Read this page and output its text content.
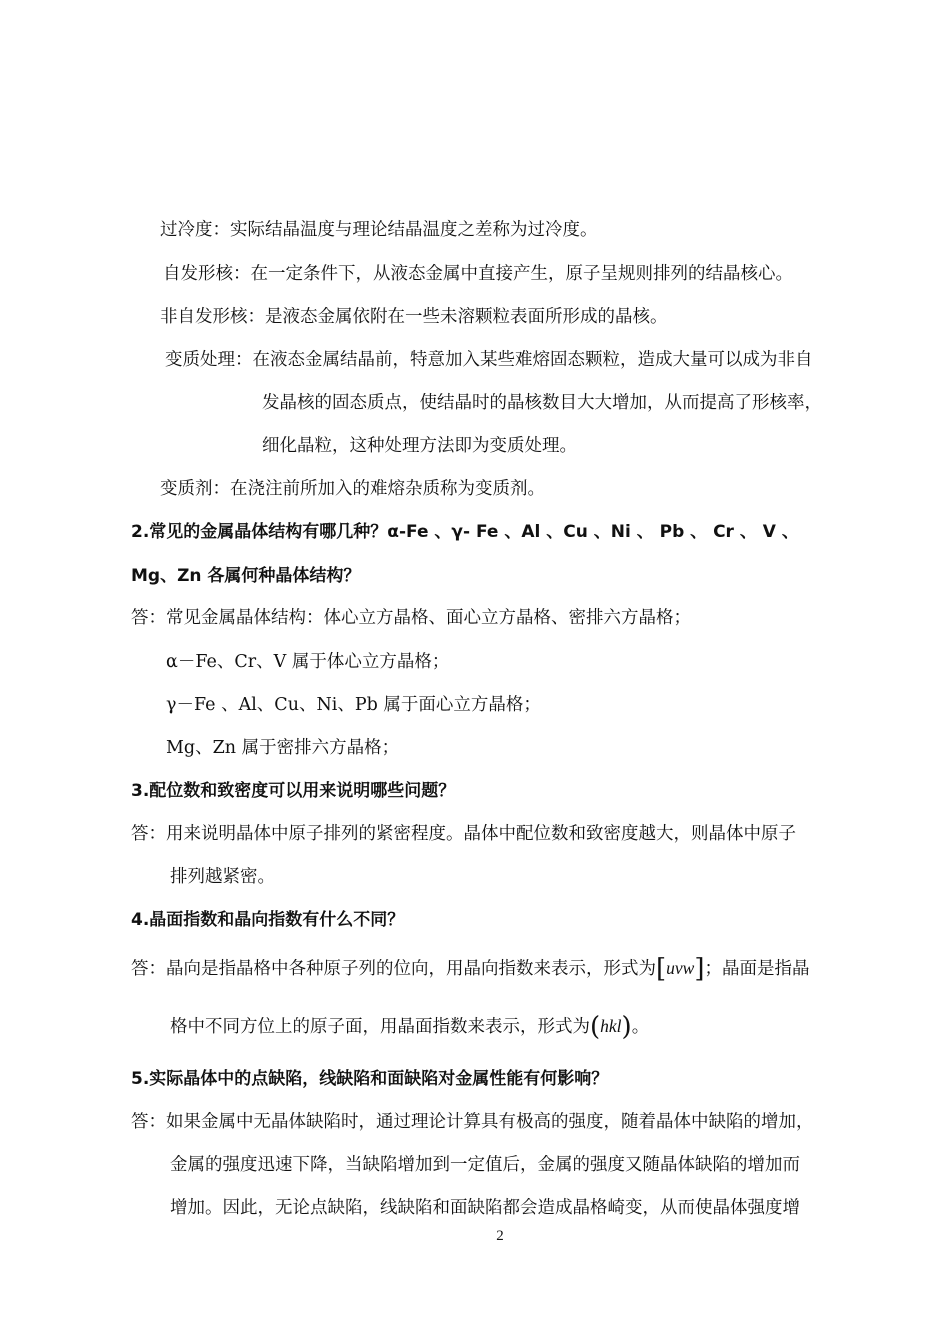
过冷度：实际结晶温度与理论结晶温度之差称为过冷度。
自发形核：在一定条件下，从液态金属中直接产生，原子呈规则排列的结晶核心。
非自发形核：是液态金属依附在一些未溶颗粒表面所形成的晶核。
变质处理：在液态金属结晶前，特意加入某些难熔固态颗粒，造成大量可以成为非自
发晶核的固态质点，使结晶时的晶核数目大大增加，从而提高了形核率，
细化晶粒，这种处理方法即为变质处理。
变质剂：在浇注前所加入的难熔杂质称为变质剂。
2.常见的金属晶体结构有哪几种？α-Fe 、γ- Fe 、Al 、Cu 、Ni 、 Pb 、 Cr 、 V 、
Mg、Zn 各属何种晶体结构？
答：常见金属晶体结构：体心立方晶格、面心立方晶格、密排六方晶格；
α－Fe、Cr、V 属于体心立方晶格；
γ－Fe 、Al、Cu、Ni、Pb 属于面心立方晶格；
Mg、Zn 属于密排六方晶格；
3.配位数和致密度可以用来说明哪些问题？
答：用来说明晶体中原子排列的紧密程度。晶体中配位数和致密度越大，则晶体中原子
排列越紧密。
4.晶面指数和晶向指数有什么不同？
答：晶向是指晶格中各种原子列的位向，用晶向指数来表示，形式为[uvw]；晶面是指晶
格中不同方位上的原子面，用晶面指数来表示，形式为(hkl)。
5.实际晶体中的点缺陷，线缺陷和面缺陷对金属性能有何影响？
答：如果金属中无晶体缺陷时，通过理论计算具有极高的强度，随着晶体中缺陷的增加，
金属的强度迅速下降，当缺陷增加到一定值后，金属的强度又随晶体缺陷的增加而
增加。因此，无论点缺陷，线缺陷和面缺陷都会造成晶格崎变，从而使晶体强度增
2
